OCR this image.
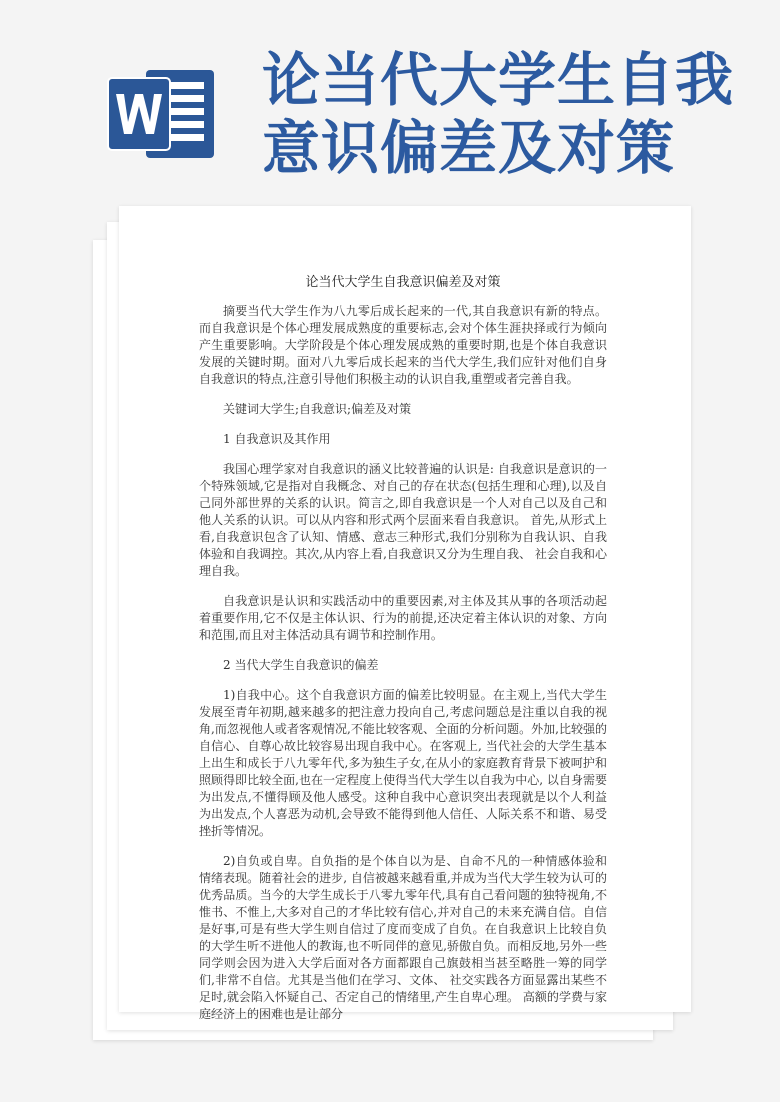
论当代大学生自我
意识偏差及对策

论当代大学生自我意识偏差及对策

摘要当代大学生作为八九零后成长起来的一代,其自我意识有新的特点。而自我意识是个体心理发展成熟度的重要标志,会对个体生涯抉择或行为倾向产生重要影响。大学阶段是个体心理发展成熟的重要时期,也是个体自我意识发展的关键时期。面对八九零后成长起来的当代大学生,我们应针对他们自身自我意识的特点,注意引导他们积极主动的认识自我,重塑或者完善自我。

关键词大学生;自我意识;偏差及对策

1 自我意识及其作用

我国心理学家对自我意识的涵义比较普遍的认识是: 自我意识是意识的一个特殊领域,它是指对自我概念、对自己的存在状态(包括生理和心理),以及自己同外部世界的关系的认识。简言之,即自我意识是一个人对自己以及自己和他人关系的认识。可以从内容和形式两个层面来看自我意识。 首先,从形式上看,自我意识包含了认知、情感、意志三种形式,我们分别称为自我认识、自我体验和自我调控。其次,从内容上看,自我意识又分为生理自我、 社会自我和心理自我。

自我意识是认识和实践活动中的重要因素,对主体及其从事的各项活动起着重要作用,它不仅是主体认识、行为的前提,还决定着主体认识的对象、方向和范围,而且对主体活动具有调节和控制作用。

2 当代大学生自我意识的偏差

1)自我中心。这个自我意识方面的偏差比较明显。在主观上,当代大学生发展至青年初期,越来越多的把注意力投向自己,考虑问题总是注重以自我的视角,而忽视他人或者客观情况,不能比较客观、全面的分析问题。外加,比较强的自信心、自尊心故比较容易出现自我中心。在客观上, 当代社会的大学生基本上出生和成长于八九零年代,多为独生子女,在从小的家庭教育背景下被呵护和照顾得即比较全面,也在一定程度上使得当代大学生以自我为中心, 以自身需要为出发点,不懂得顾及他人感受。这种自我中心意识突出表现就是以个人利益为出发点,个人喜恶为动机,会导致不能得到他人信任、人际关系不和谐、易受挫折等情况。

2)自负或自卑。自负指的是个体自以为是、自命不凡的一种情感体验和情绪表现。随着社会的进步, 自信被越来越看重,并成为当代大学生较为认可的优秀品质。当今的大学生成长于八零九零年代,具有自己看问题的独特视角,不惟书、不惟上,大多对自己的才华比较有信心,并对自己的未来充满自信。自信是好事,可是有些大学生则自信过了度而变成了自负。在自我意识上比较自负的大学生听不进他人的教诲,也不听同伴的意见,骄傲自负。而相反地,另外一些同学则会因为进入大学后面对各方面都跟自己旗鼓相当甚至略胜一筹的同学们,非常不自信。尤其是当他们在学习、文体、 社交实践各方面显露出某些不足时,就会陷入怀疑自己、否定自己的情绪里,产生自卑心理。 高额的学费与家庭经济上的困难也是让部分
